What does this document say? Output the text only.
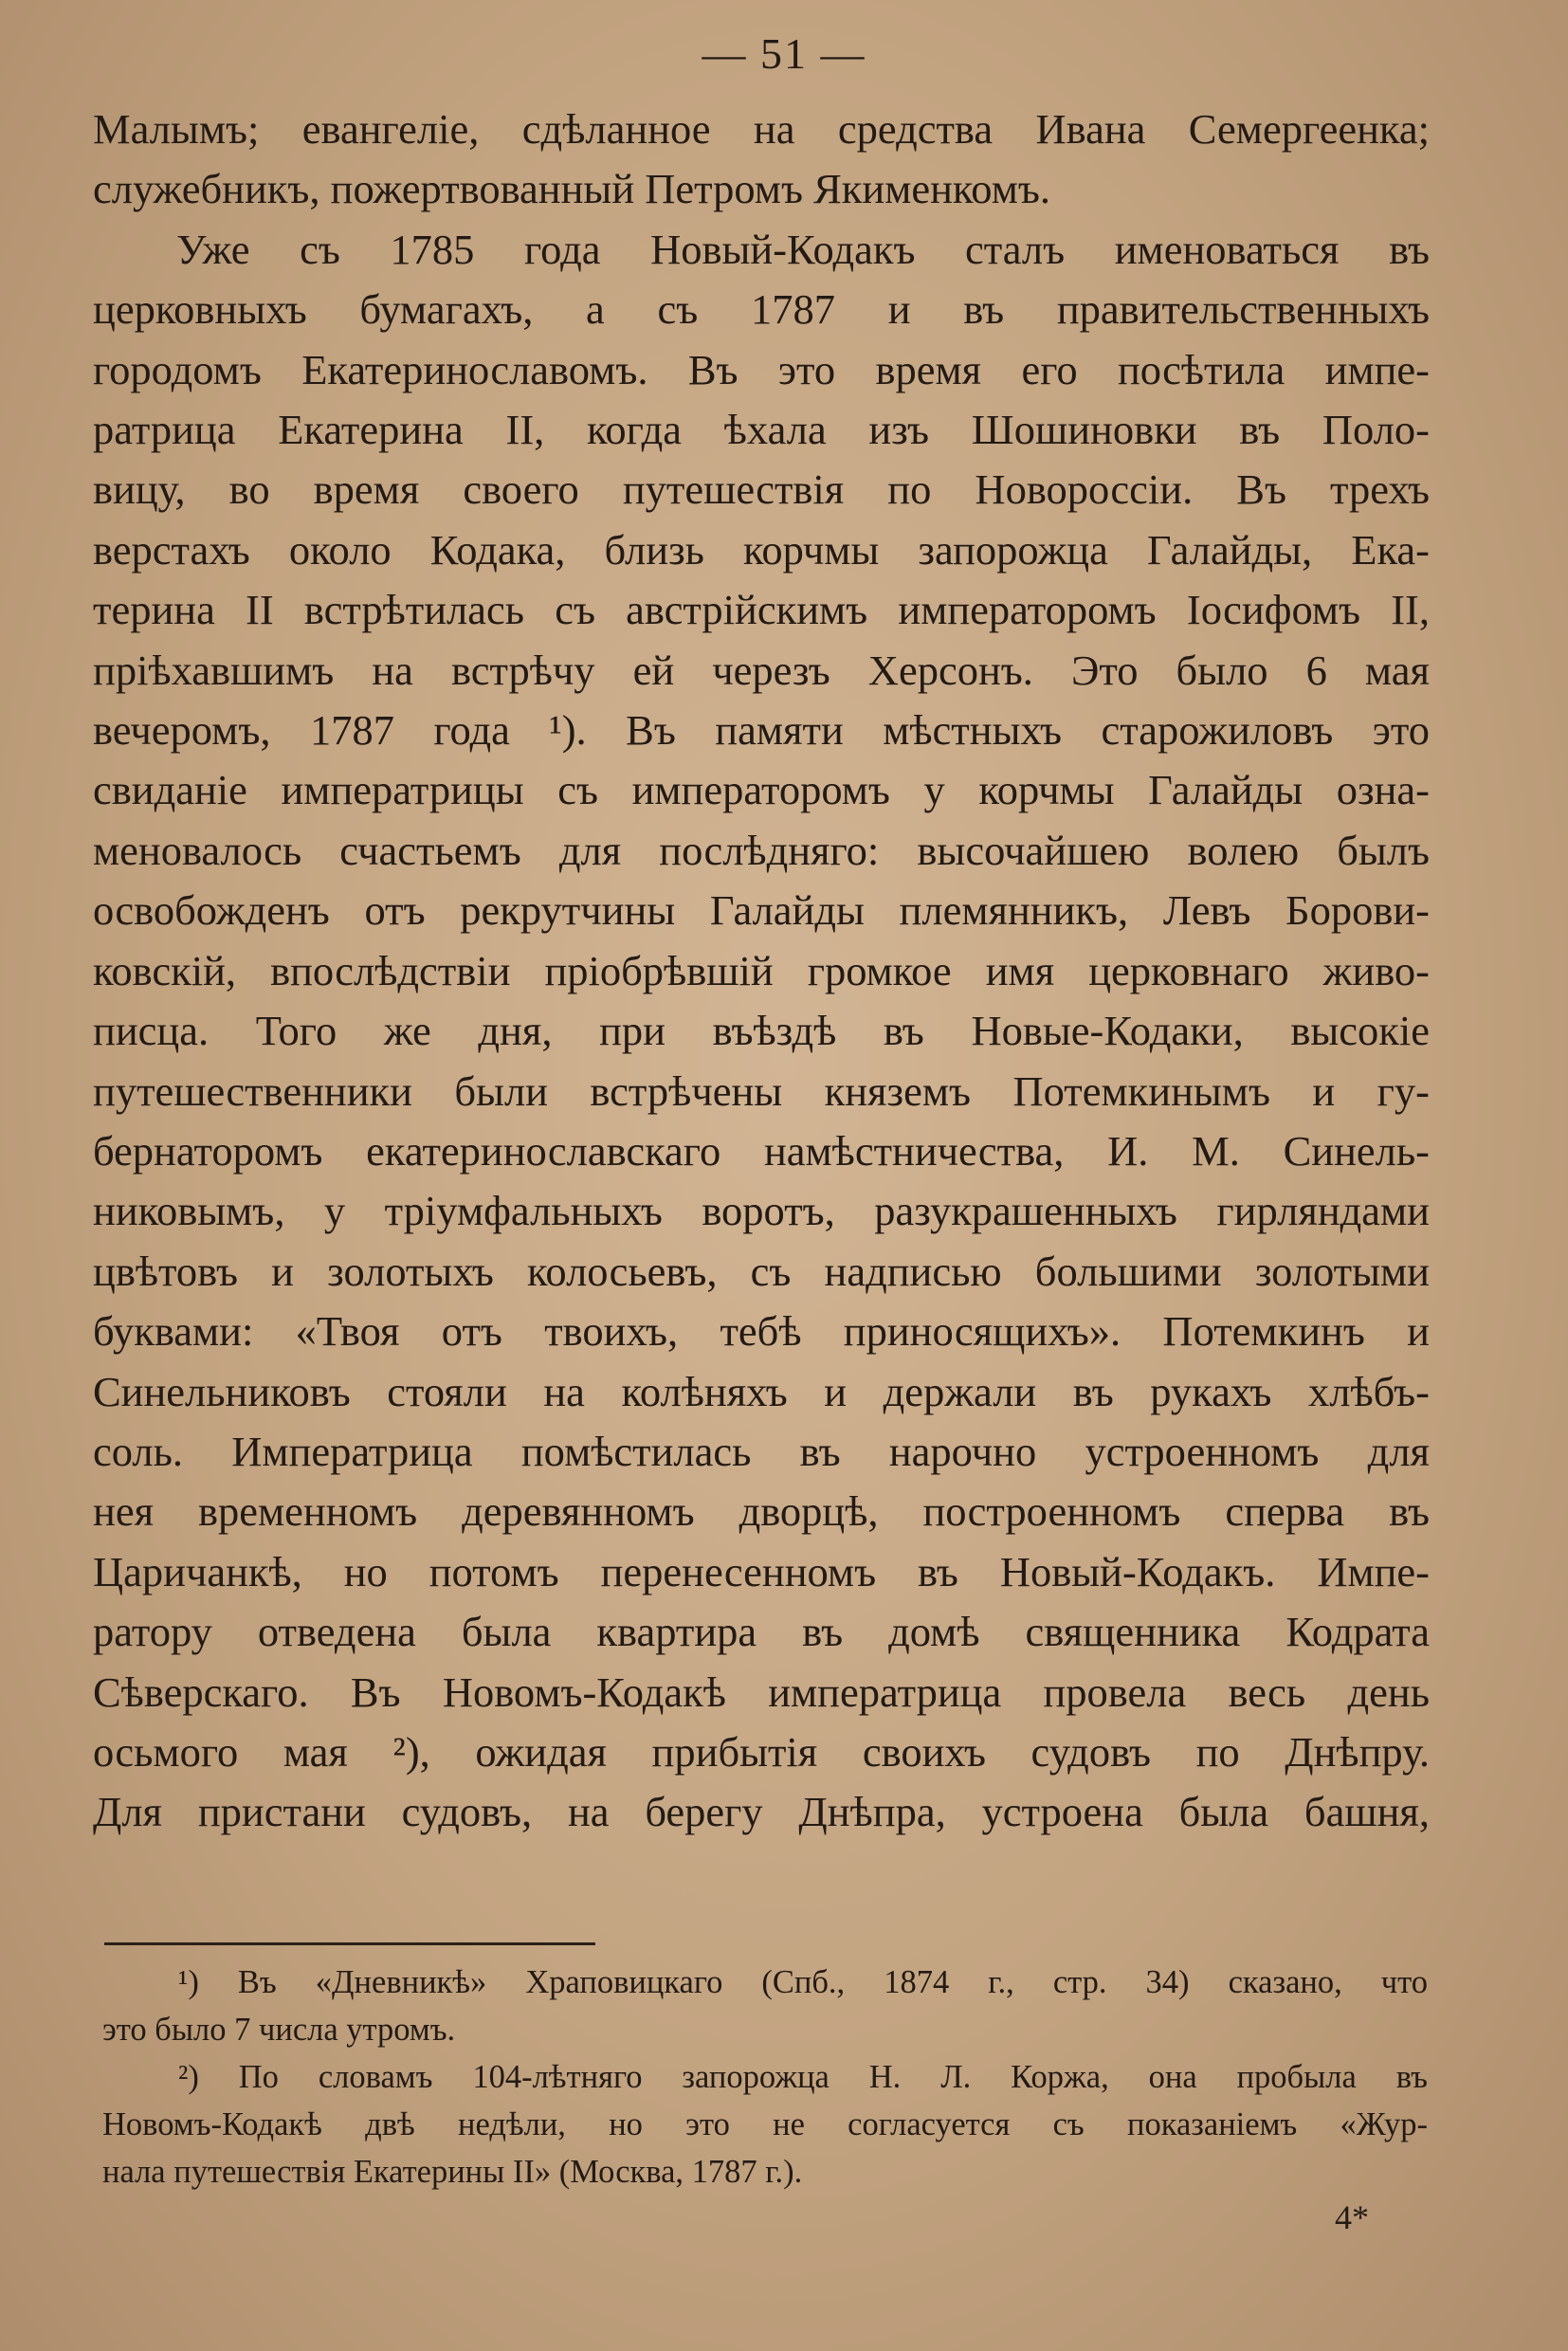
— 51 —
Малымъ; евангеліе, сдѣланное на средства Ивана Семергеенка;
служебникъ, пожертвованный Петромъ Якименкомъ.
Уже съ 1785 года Новый-Кодакъ сталъ именоваться въ
церковныхъ бумагахъ, а съ 1787 и въ правительственныхъ
городомъ Екатеринославомъ. Въ это время его посѣтила импе-
ратрица Екатерина II, когда ѣхала изъ Шошиновки въ Поло-
вицу, во время своего путешествія по Новороссіи. Въ трехъ
верстахъ около Кодака, близь корчмы запорожца Галайды, Ека-
терина II встрѣтилась съ австрійскимъ императоромъ Іосифомъ II,
пріѣхавшимъ на встрѣчу ей черезъ Херсонъ. Это было 6 мая
вечеромъ, 1787 года ¹). Въ памяти мѣстныхъ старожиловъ это
свиданіе императрицы съ императоромъ у корчмы Галайды озна-
меновалось счастьемъ для послѣдняго: высочайшею волею былъ
освобожденъ отъ рекрутчины Галайды племянникъ, Левъ Борови-
ковскій, впослѣдствіи пріобрѣвшій громкое имя церковнаго живо-
писца. Того же дня, при въѣздѣ въ Новые-Кодаки, высокіе
путешественники были встрѣчены княземъ Потемкинымъ и гу-
бернаторомъ екатеринославскаго намѣстничества, И. М. Синель-
никовымъ, у тріумфальныхъ воротъ, разукрашенныхъ гирляндами
цвѣтовъ и золотыхъ колосьевъ, съ надписью большими золотыми
буквами: «Твоя отъ твоихъ, тебѣ приносящихъ». Потемкинъ и
Синельниковъ стояли на колѣняхъ и держали въ рукахъ хлѣбъ-
соль. Императрица помѣстилась въ нарочно устроенномъ для
нея временномъ деревянномъ дворцѣ, построенномъ сперва въ
Царичанкѣ, но потомъ перенесенномъ въ Новый-Кодакъ. Импе-
ратору отведена была квартира въ домѣ священника Кодрата
Сѣверскаго. Въ Новомъ-Кодакѣ императрица провела весь день
осьмого мая ²), ожидая прибытія своихъ судовъ по Днѣпру.
Для пристани судовъ, на берегу Днѣпра, устроена была башня,
¹) Въ «Дневникѣ» Храповицкаго (Спб., 1874 г., стр. 34) сказано, что
это было 7 числа утромъ.
²) По словамъ 104-лѣтняго запорожца Н. Л. Коржа, она пробыла въ
Новомъ-Кодакѣ двѣ недѣли, но это не согласуется съ показаніемъ «Жур-
нала путешествія Екатерины II» (Москва, 1787 г.).
4*
